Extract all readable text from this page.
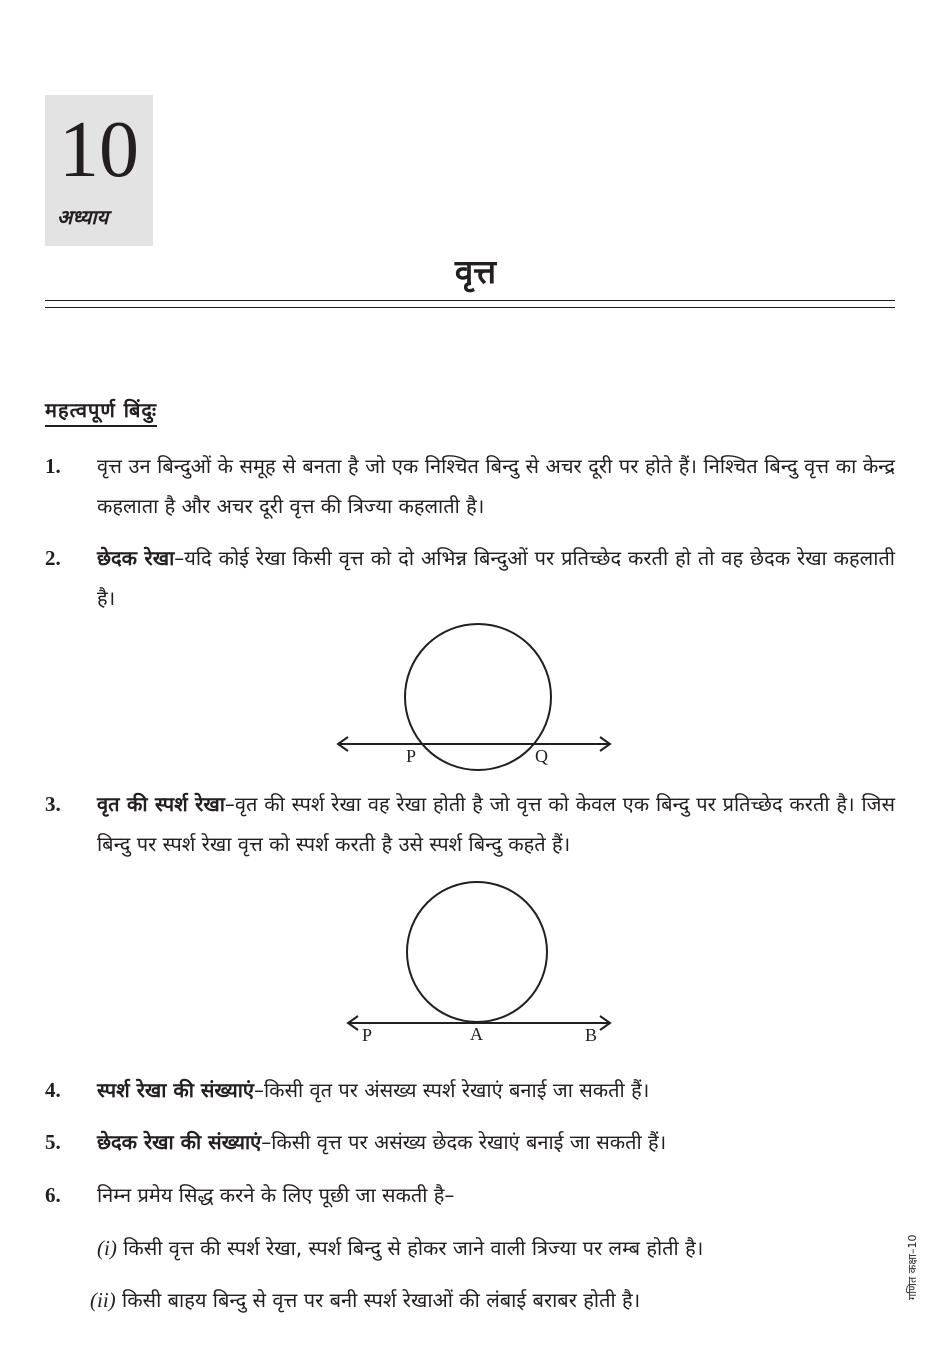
10
अध्याय
वृत्त
महत्वपूर्ण बिंदुः
1. वृत्त उन बिन्दुओं के समूह से बनता है जो एक निश्चित बिन्दु से अचर दूरी पर होते हैं। निश्चित बिन्दु वृत्त का केन्द्र कहलाता है और अचर दूरी वृत्त की त्रिज्या कहलाती है।
2. छेदक रेखा–यदि कोई रेखा किसी वृत्त को दो अभिन्न बिन्दुओं पर प्रतिच्छेद करती हो तो वह छेदक रेखा कहलाती है।
P	Q
3. वृत की स्पर्श रेखा–वृत की स्पर्श रेखा वह रेखा होती है जो वृत्त को केवल एक बिन्दु पर प्रतिच्छेद करती है। जिस बिन्दु पर स्पर्श रेखा वृत्त को स्पर्श करती है उसे स्पर्श बिन्दु कहते हैं।
P	A	B
4. स्पर्श रेखा की संख्याएं–किसी वृत पर अंसख्य स्पर्श रेखाएं बनाई जा सकती हैं।
5. छेदक रेखा की संख्याएं–किसी वृत्त पर असंख्य छेदक रेखाएं बनाई जा सकती हैं।
6. निम्न प्रमेय सिद्ध करने के लिए पूछी जा सकती है–
(i) किसी वृत्त की स्पर्श रेखा, स्पर्श बिन्दु से होकर जाने वाली त्रिज्या पर लम्ब होती है।
(ii) किसी बाहय बिन्दु से वृत्त पर बनी स्पर्श रेखाओं की लंबाई बराबर होती है।	गणित कक्षा–10
